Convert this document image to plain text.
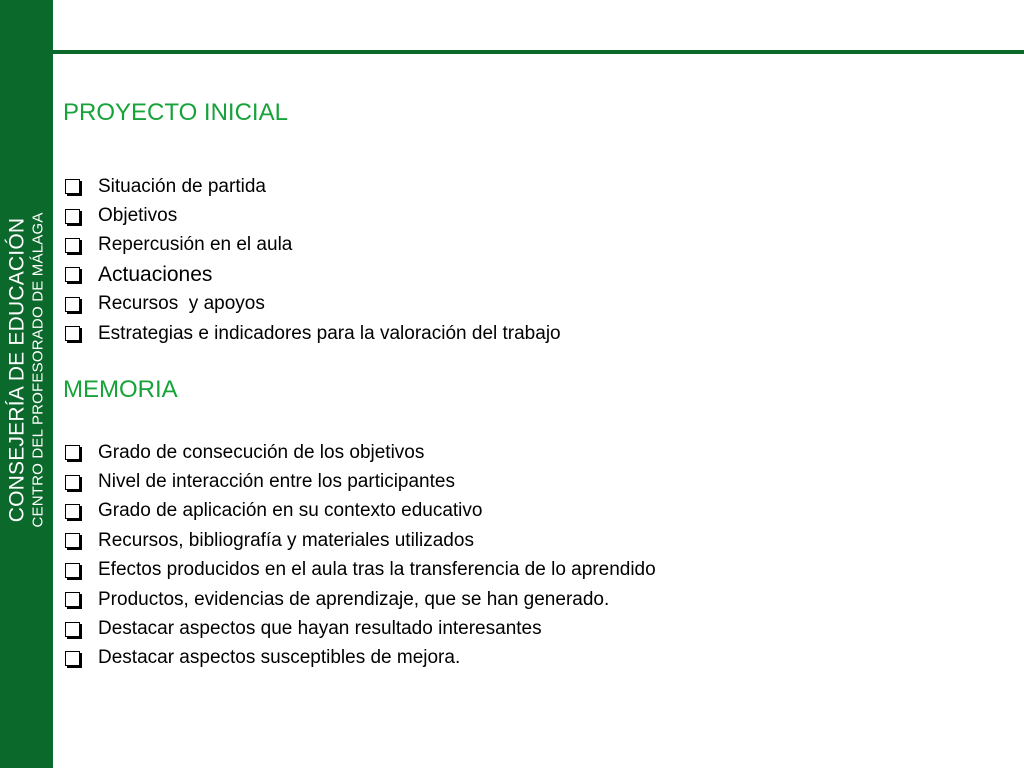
CONSEJERÍA DE EDUCACIÓN CENTRO DEL PROFESORADO DE MÁLAGA
PROYECTO INICIAL
Situación de partida
Objetivos
Repercusión en el aula
Actuaciones
Recursos  y apoyos
Estrategias e indicadores para la valoración del trabajo
MEMORIA
Grado de consecución de los objetivos
Nivel de interacción entre los participantes
Grado de aplicación en su contexto educativo
Recursos, bibliografía y materiales utilizados
Efectos producidos en el aula tras la transferencia de lo aprendido
Productos, evidencias de aprendizaje, que se han generado.
Destacar aspectos que hayan resultado interesantes
Destacar aspectos susceptibles de mejora.
